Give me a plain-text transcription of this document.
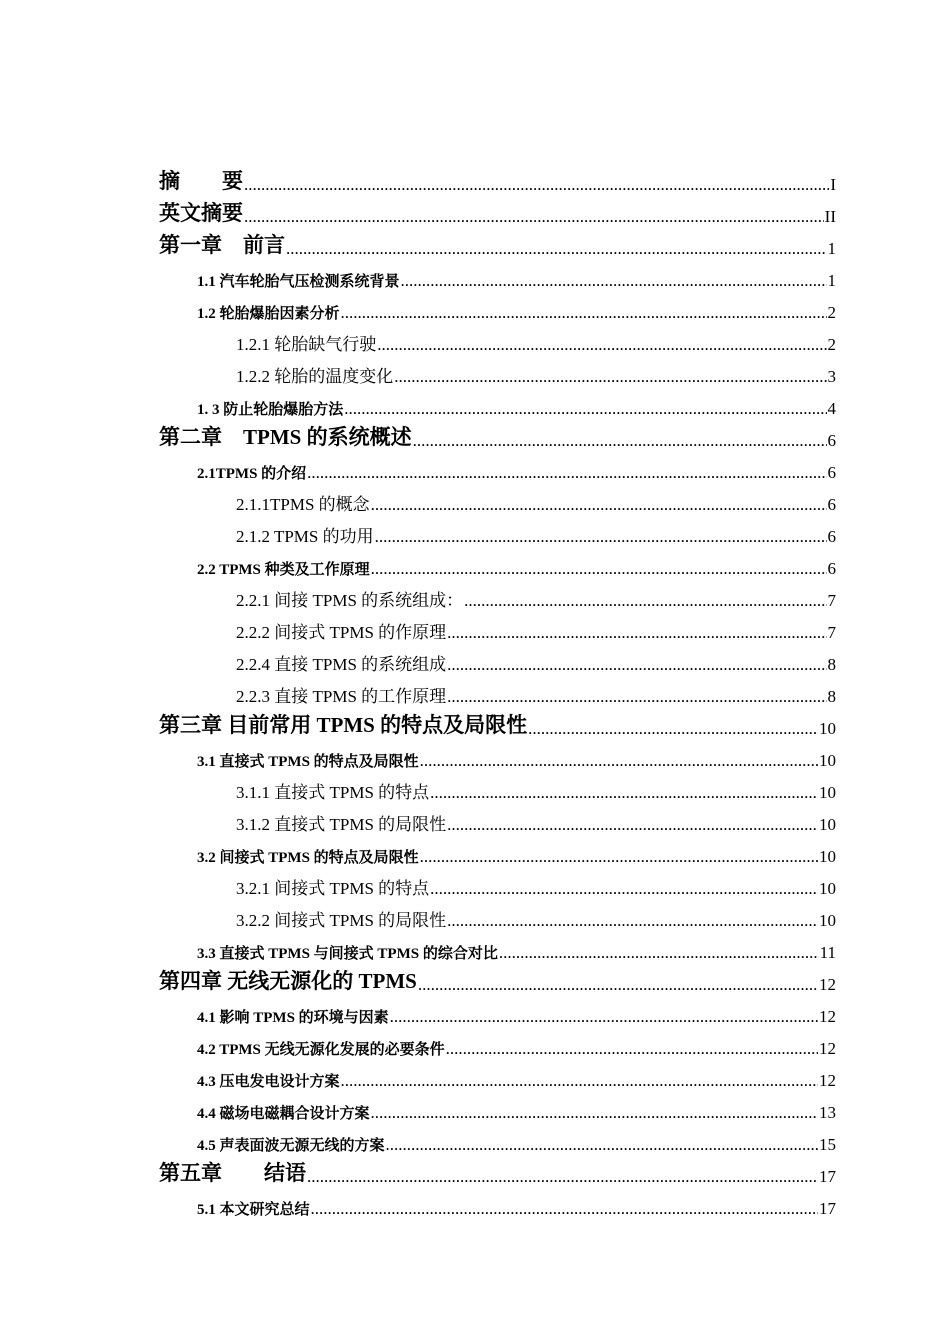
摘　　要 .....	I
英文摘要 .....	II
第一章　前言 .....	1
1.1 汽车轮胎气压检测系统背景 .....	1
1.2 轮胎爆胎因素分析 .....	2
1.2.1 轮胎缺气行驶 .....	2
1.2.2 轮胎的温度变化 .....	3
1. 3 防止轮胎爆胎方法 .....	4
第二章　TPMS 的系统概述 .....	6
2.1TPMS 的介绍 .....	6
2.1.1TPMS 的概念 .....	6
2.1.2 TPMS 的功用 .....	6
2.2 TPMS 种类及工作原理 .....	6
2.2.1 间接 TPMS 的系统组成： .....	7
2.2.2 间接式 TPMS 的作原理 .....	7
2.2.4 直接 TPMS 的系统组成 .....	8
2.2.3 直接 TPMS 的工作原理 .....	8
第三章 目前常用 TPMS 的特点及局限性 .....	10
3.1 直接式 TPMS 的特点及局限性 .....	10
3.1.1 直接式 TPMS 的特点 .....	10
3.1.2 直接式 TPMS 的局限性 .....	10
3.2 间接式 TPMS 的特点及局限性 .....	10
3.2.1 间接式 TPMS 的特点 .....	10
3.2.2 间接式 TPMS 的局限性 .....	10
3.3 直接式 TPMS 与间接式 TPMS 的综合对比 .....	11
第四章 无线无源化的 TPMS .....	12
4.1 影响 TPMS 的环境与因素 .....	12
4.2 TPMS 无线无源化发展的必要条件 .....	12
4.3 压电发电设计方案 .....	12
4.4 磁场电磁耦合设计方案 .....	13
4.5 声表面波无源无线的方案 .....	15
第五章　　结语 .....	17
5.1 本文研究总结 .....	17
